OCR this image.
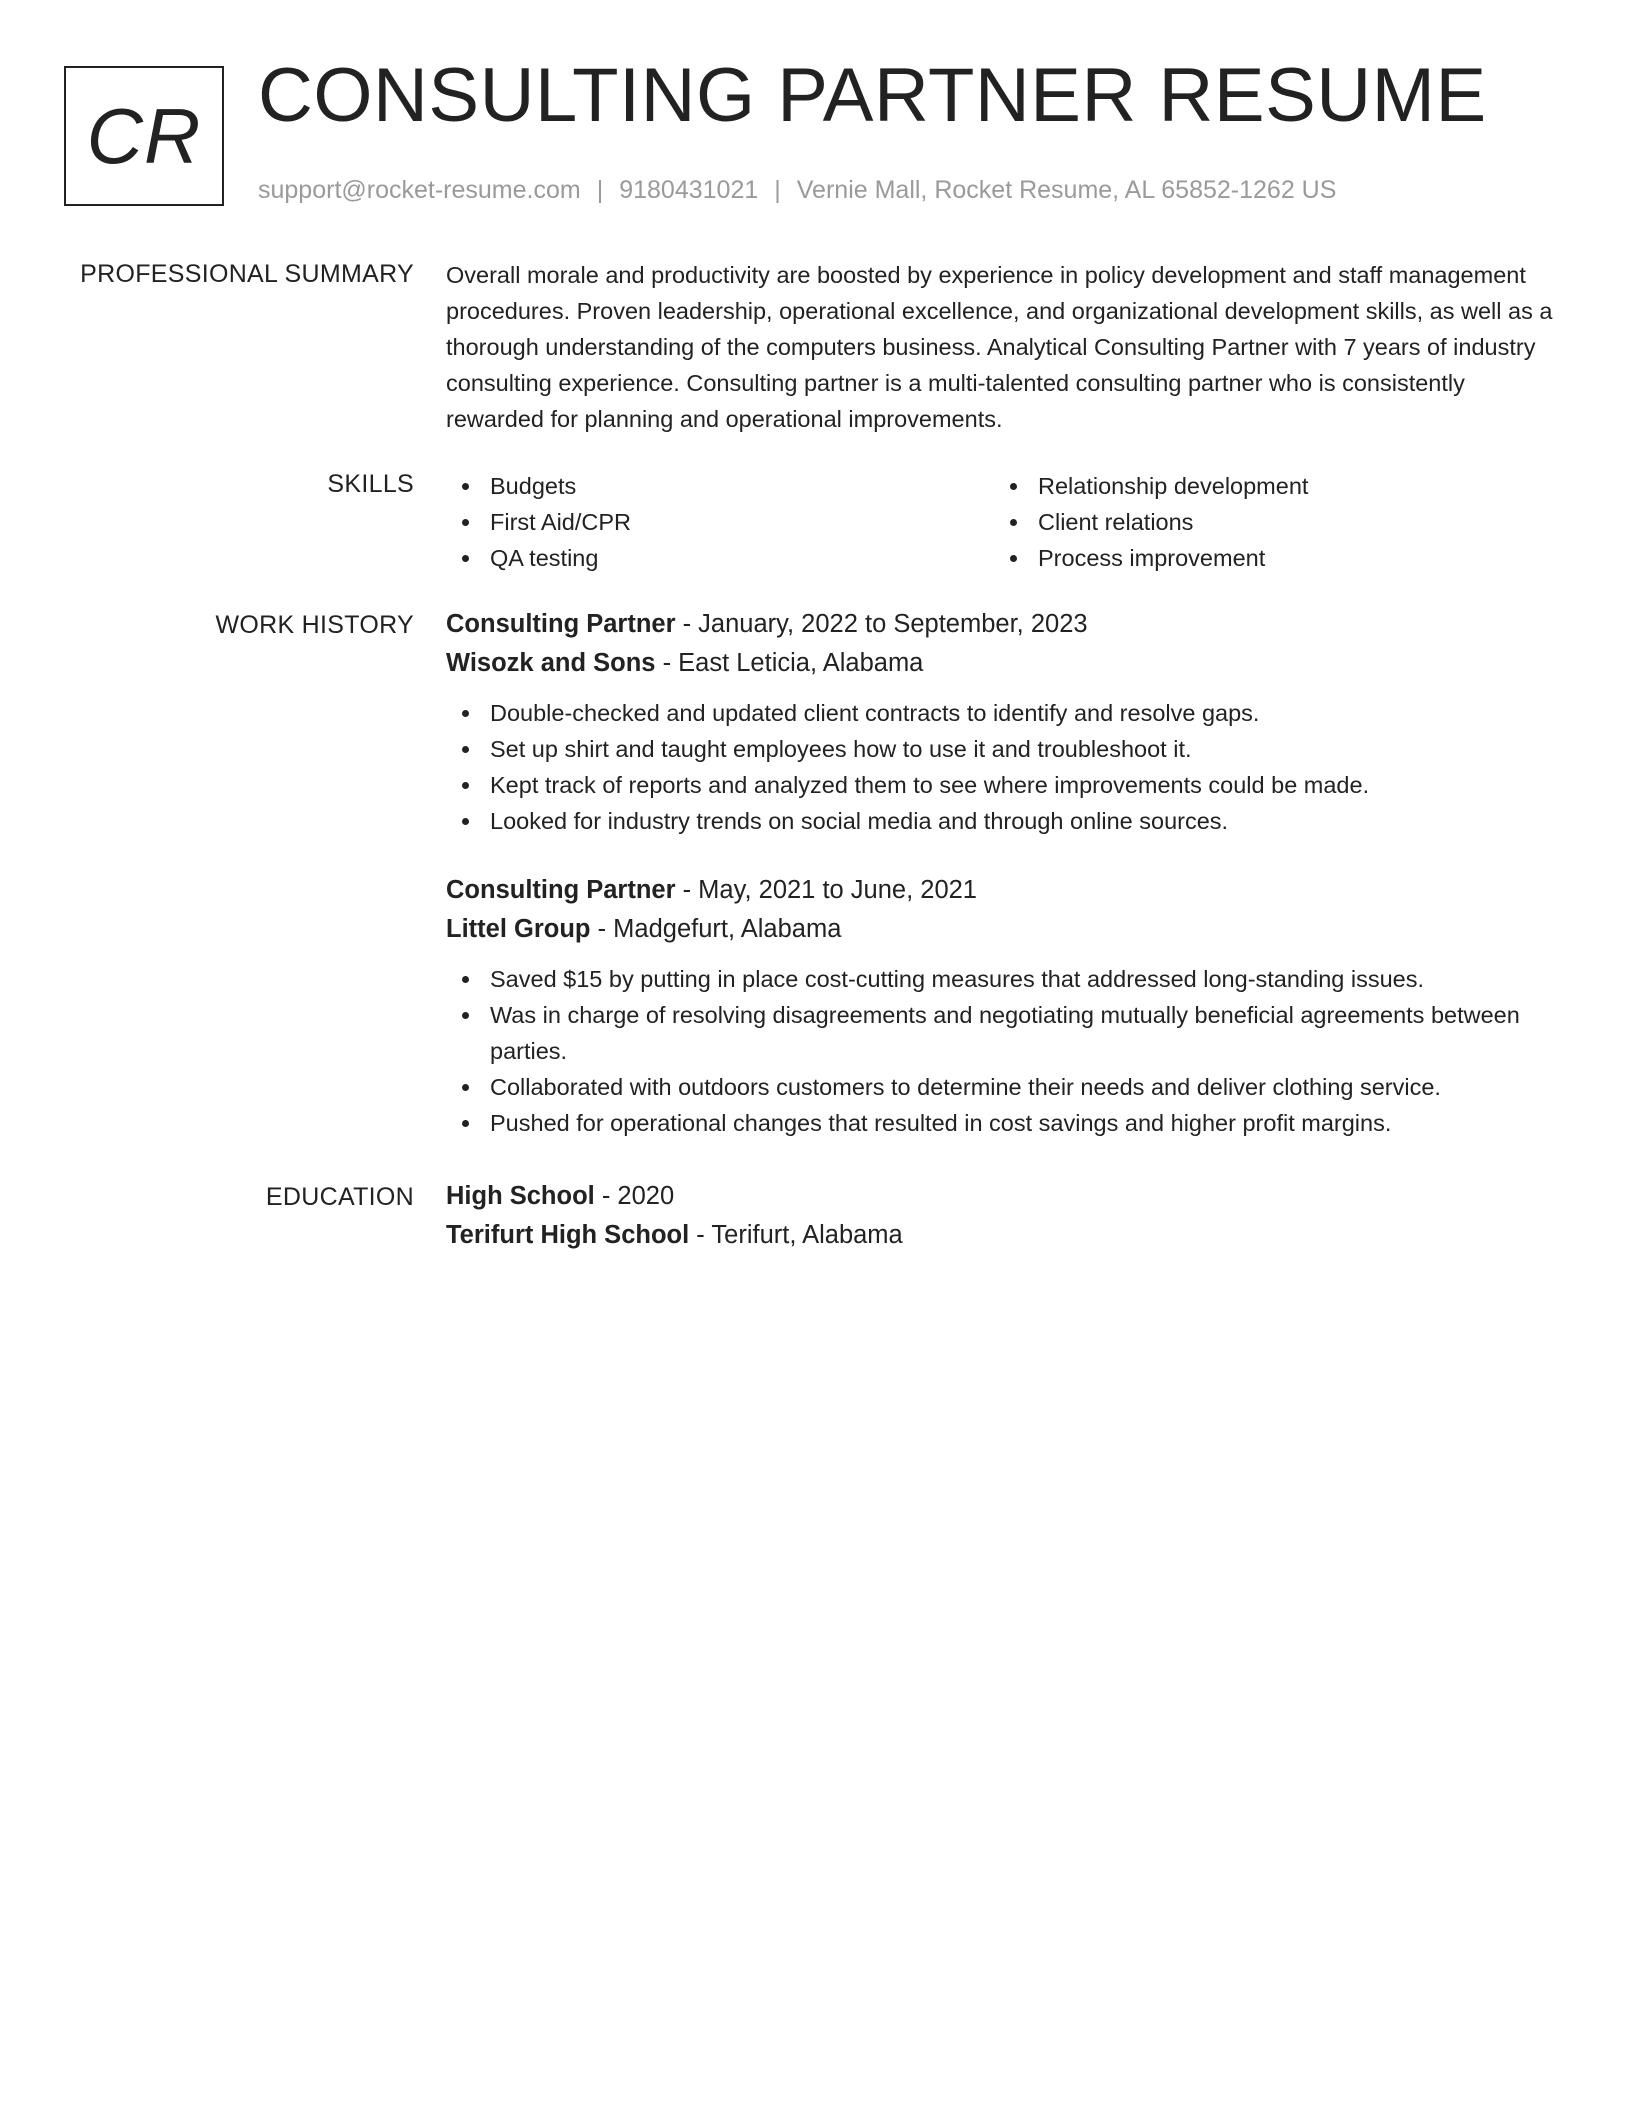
CR CONSULTING PARTNER RESUME
support@rocket-resume.com | 9180431021 | Vernie Mall, Rocket Resume, AL 65852-1262 US
PROFESSIONAL SUMMARY Overall morale and productivity are boosted by experience in policy development and staff management procedures. Proven leadership, operational excellence, and organizational development skills, as well as a thorough understanding of the computers business. Analytical Consulting Partner with 7 years of industry consulting experience. Consulting partner is a multi-talented consulting partner who is consistently rewarded for planning and operational improvements.

SKILLS	Budgets
First Aid/CPR
QA testing
Relationship development
Client relations
Process improvement
WORK HISTORY Consulting Partner - January, 2022 to September, 2023
Wisozk and Sons - East Leticia, Alabama
Double-checked and updated client contracts to identify and resolve gaps.
Set up shirt and taught employees how to use it and troubleshoot it.
Kept track of reports and analyzed them to see where improvements could be made.
Looked for industry trends on social media and through online sources.
Consulting Partner - May, 2021 to June, 2021
Littel Group - Madgefurt, Alabama
Saved $15 by putting in place cost-cutting measures that addressed long-standing issues.
Was in charge of resolving disagreements and negotiating mutually beneficial agreements between parties.
Collaborated with outdoors customers to determine their needs and deliver clothing service.
Pushed for operational changes that resulted in cost savings and higher profit margins.
EDUCATION High School - 2020
Terifurt High School - Terifurt, Alabama
